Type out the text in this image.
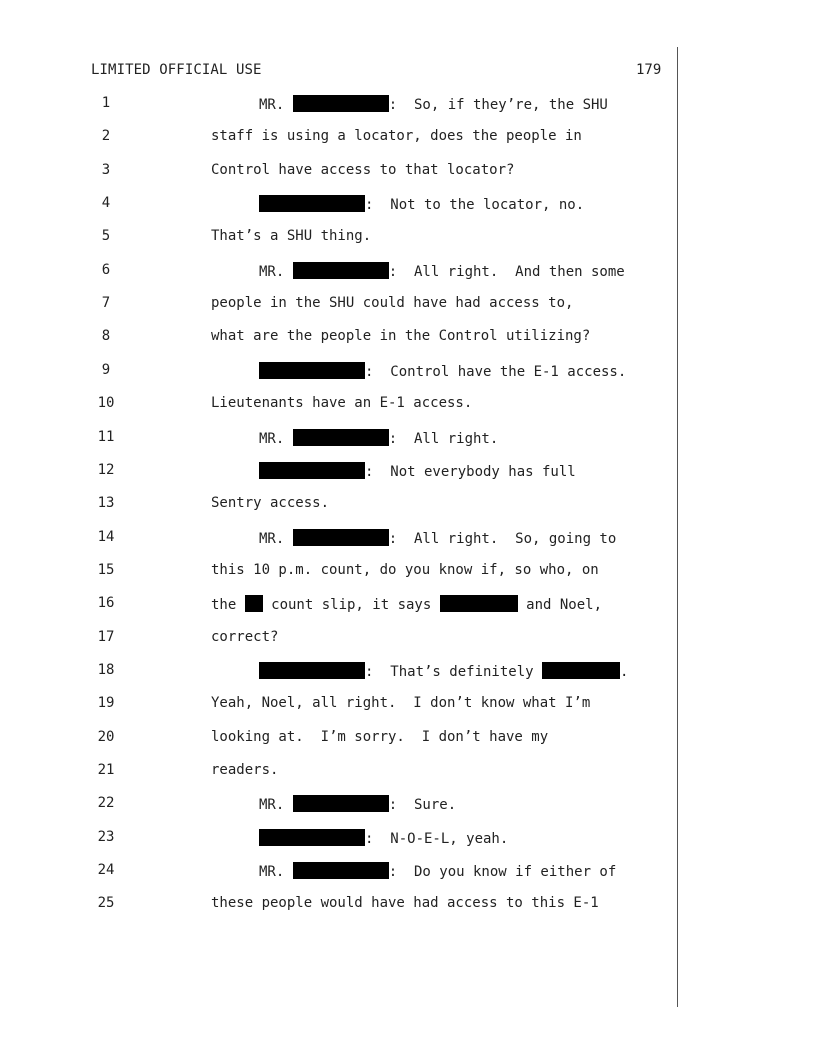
LIMITED OFFICIAL USE	179
1	MR.	:  So, if they’re, the SHU
2	staff is using a locator, does the people in
3	Control have access to that locator?
4	:  Not to the locator, no.
5	That’s a SHU thing.
6	MR.	:  All right.  And then some
7	people in the SHU could have had access to,
8	what are the people in the Control utilizing?
9	:  Control have the E-1 access.
10	Lieutenants have an E-1 access.
11	MR.	:  All right.
12	:  Not everybody has full
13	Sentry access.
14	MR.	:  All right.  So, going to
15	this 10 p.m. count, do you know if, so who, on
16	the  count slip, it says	and Noel,
17	correct?
18	:  That’s definitely	.
19	Yeah, Noel, all right.  I don’t know what I’m
20	looking at.  I’m sorry.  I don’t have my
21	readers.
22	MR.	:  Sure.
23	:  N-O-E-L, yeah.
24	MR.	:  Do you know if either of
25	these people would have had access to this E-1
